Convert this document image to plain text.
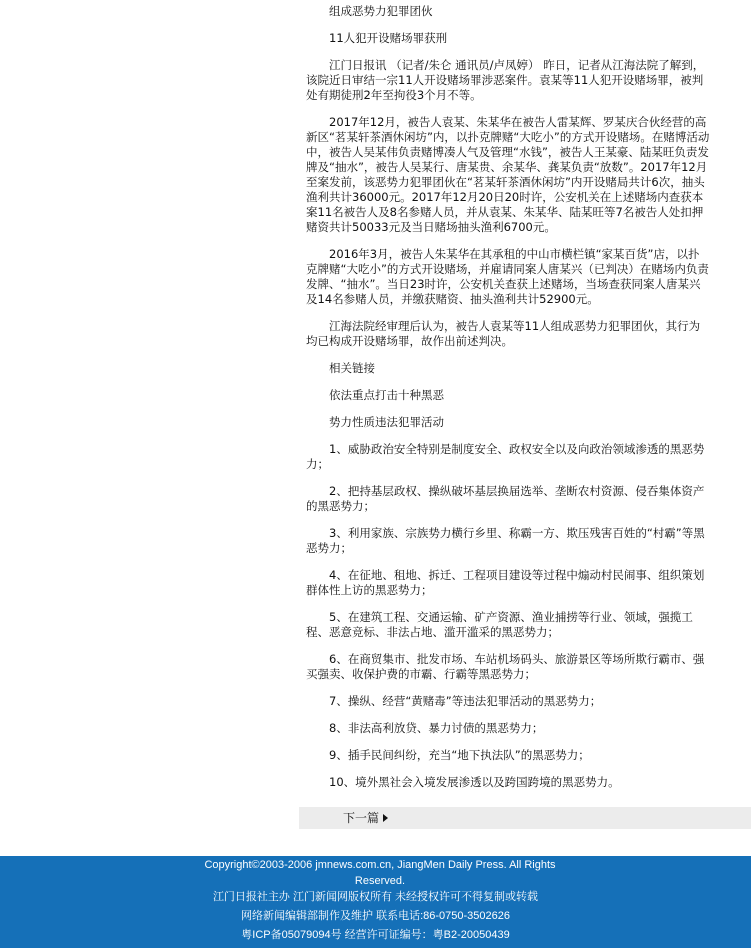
组成恶势力犯罪团伙

11人犯开设赌场罪获刑

江门日报讯 （记者/朱仑 通讯员/卢凤婷） 昨日，记者从江海法院了解到，该院近日审结一宗11人开设赌场罪涉恶案件。袁某等11人犯开设赌场罪，被判处有期徒刑2年至拘役3个月不等。

2017年12月，被告人袁某、朱某华在被告人雷某辉、罗某庆合伙经营的高新区“茗某轩茶酒休闲坊”内，以扑克牌赌“大吃小”的方式开设赌场。在赌博活动中，被告人吴某伟负责赌博凑人气及管理“水钱”，被告人王某豪、陆某旺负责发牌及“抽水”，被告人吴某行、唐某贵、余某华、龚某负责“放数”。2017年12月至案发前，该恶势力犯罪团伙在“茗某轩茶酒休闲坊”内开设赌局共计6次，抽头渔利共计36000元。2017年12月20日20时许，公安机关在上述赌场内查获本案11名被告人及8名参赌人员，并从袁某、朱某华、陆某旺等7名被告人处扣押赌资共计50033元及当日赌场抽头渔利6700元。

2016年3月，被告人朱某华在其承租的中山市横栏镇“家某百货”店，以扑克牌赌“大吃小”的方式开设赌场，并雇请同案人唐某兴（已判决）在赌场内负责发牌、“抽水”。当日23时许，公安机关查获上述赌场，当场查获同案人唐某兴及14名参赌人员，并缴获赌资、抽头渔利共计52900元。

江海法院经审理后认为，被告人袁某等11人组成恶势力犯罪团伙，其行为均已构成开设赌场罪，故作出前述判决。

相关链接

依法重点打击十种黑恶

势力性质违法犯罪活动

1、威胁政治安全特别是制度安全、政权安全以及向政治领域渗透的黑恶势力；

2、把持基层政权、操纵破坏基层换届选举、垄断农村资源、侵吞集体资产的黑恶势力；

3、利用家族、宗族势力横行乡里、称霸一方、欺压残害百姓的“村霸”等黑恶势力；

4、在征地、租地、拆迁、工程项目建设等过程中煽动村民闹事、组织策划群体性上访的黑恶势力；

5、在建筑工程、交通运输、矿产资源、渔业捕捞等行业、领域，强揽工程、恶意竞标、非法占地、滥开滥采的黑恶势力；

6、在商贸集市、批发市场、车站机场码头、旅游景区等场所欺行霸市、强买强卖、收保护费的市霸、行霸等黑恶势力；

7、操纵、经营“黄赌毒”等违法犯罪活动的黑恶势力；

8、非法高利放贷、暴力讨债的黑恶势力；

9、插手民间纠纷，充当“地下执法队”的黑恶势力；

10、境外黑社会入境发展渗透以及跨国跨境的黑恶势力。

下一篇
Copyright©2003-2006 jmnews.com.cn, JiangMen Daily Press. All Rights Reserved.
江门日报社主办 江门新闻网版权所有 未经授权许可不得复制或转载
网络新闻编辑部制作及维护 联系电话:86-0750-3502626
粤ICP备05079094号 经营许可证编号：粤B2-20050439
